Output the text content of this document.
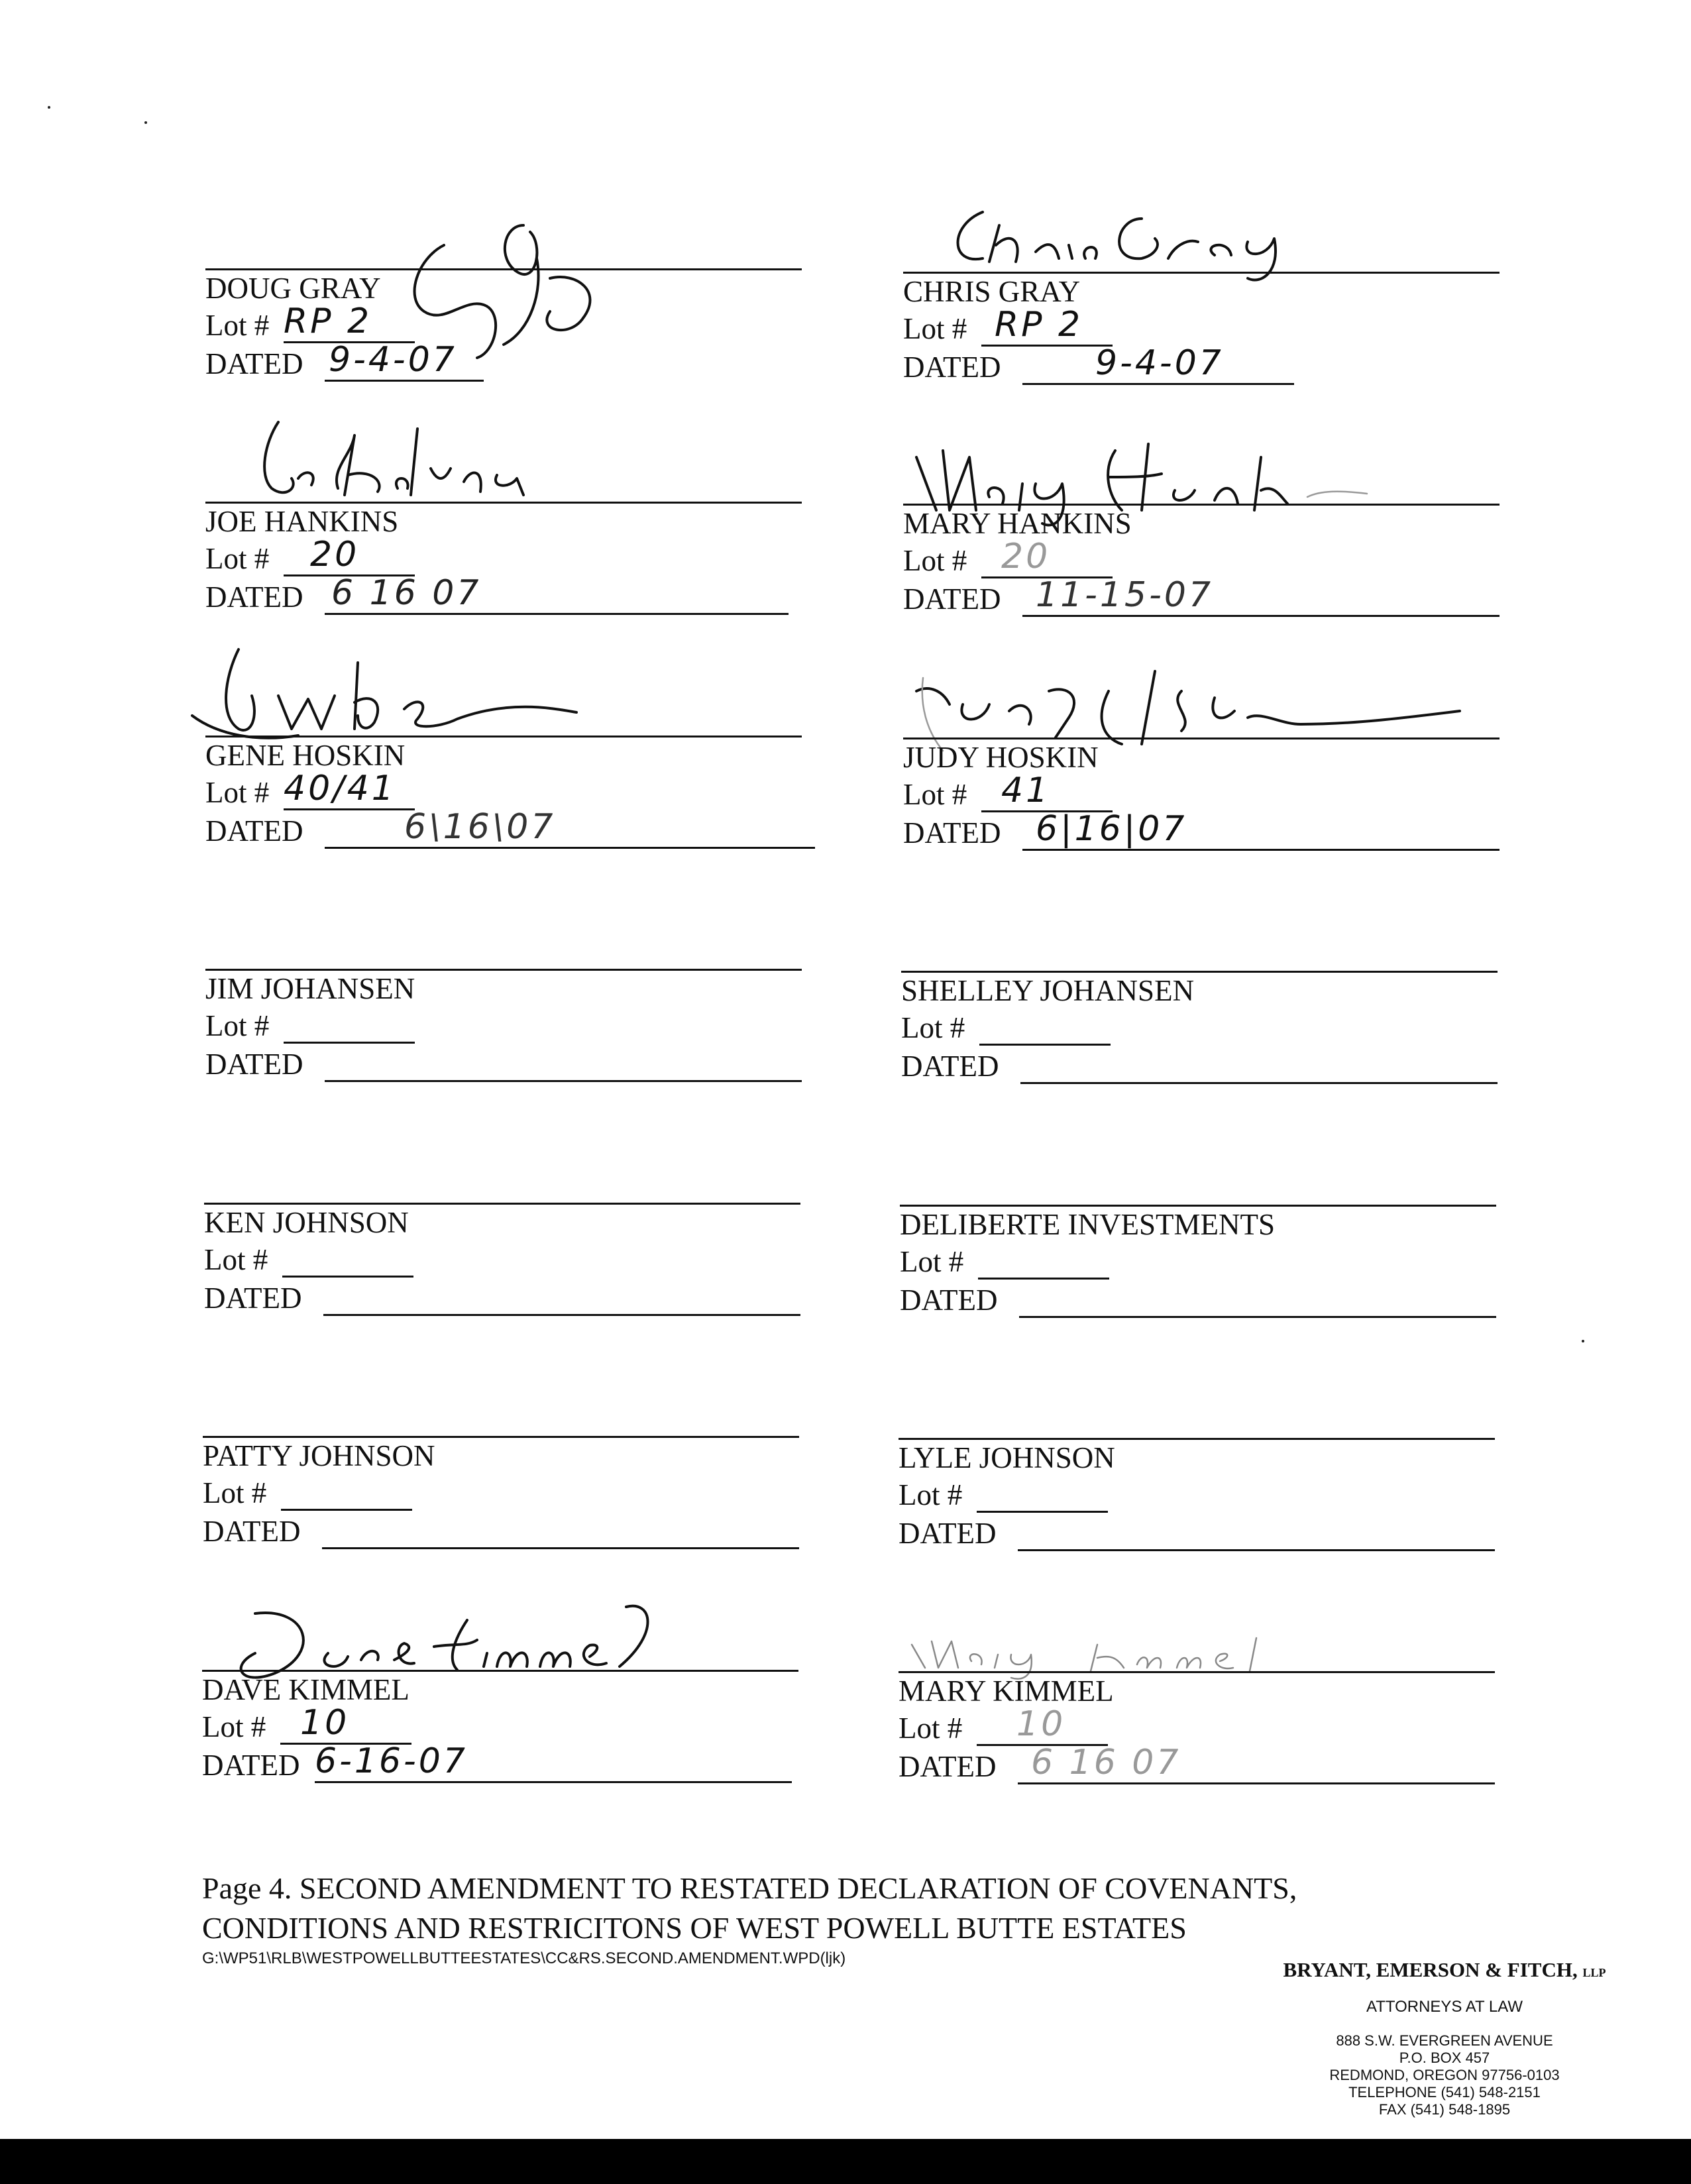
DOUG GRAY
Lot # RP 2
DATED 9-4-07
CHRIS GRAY
Lot # RP 2
DATED	9-4-07
JOE HANKINS
Lot # 20
DATED 6 16 07
MARY HANKINS
Lot # 20
DATED 11-15-07
GENE HOSKIN
Lot # 40/41
DATED	6\16\07
JUDY HOSKIN
Lot # 41
DATED 6|16|07
JIM JOHANSEN
Lot #
DATED
SHELLEY JOHANSEN
Lot #
DATED
KEN JOHNSON
Lot #
DATED
DELIBERTE INVESTMENTS
Lot #
DATED
PATTY JOHNSON
Lot #
DATED
LYLE JOHNSON
Lot #
DATED
DAVE KIMMEL
Lot # 10
DATED 6-16-07
MARY KIMMEL
Lot # 10
DATED 6 16 07
Page 4. SECOND AMENDMENT TO RESTATED DECLARATION OF COVENANTS,
CONDITIONS AND RESTRICITONS OF WEST POWELL BUTTE ESTATES
G:\WP51\RLB\WESTPOWELLBUTTEESTATES\CC&RS.SECOND.AMENDMENT.WPD(ljk)	BRYANT, EMERSON & FITCH, LLP
ATTORNEYS AT LAW
888 S.W. EVERGREEN AVENUE
P.O. BOX 457
REDMOND, OREGON 97756-0103
TELEPHONE (541) 548-2151
FAX (541) 548-1895
